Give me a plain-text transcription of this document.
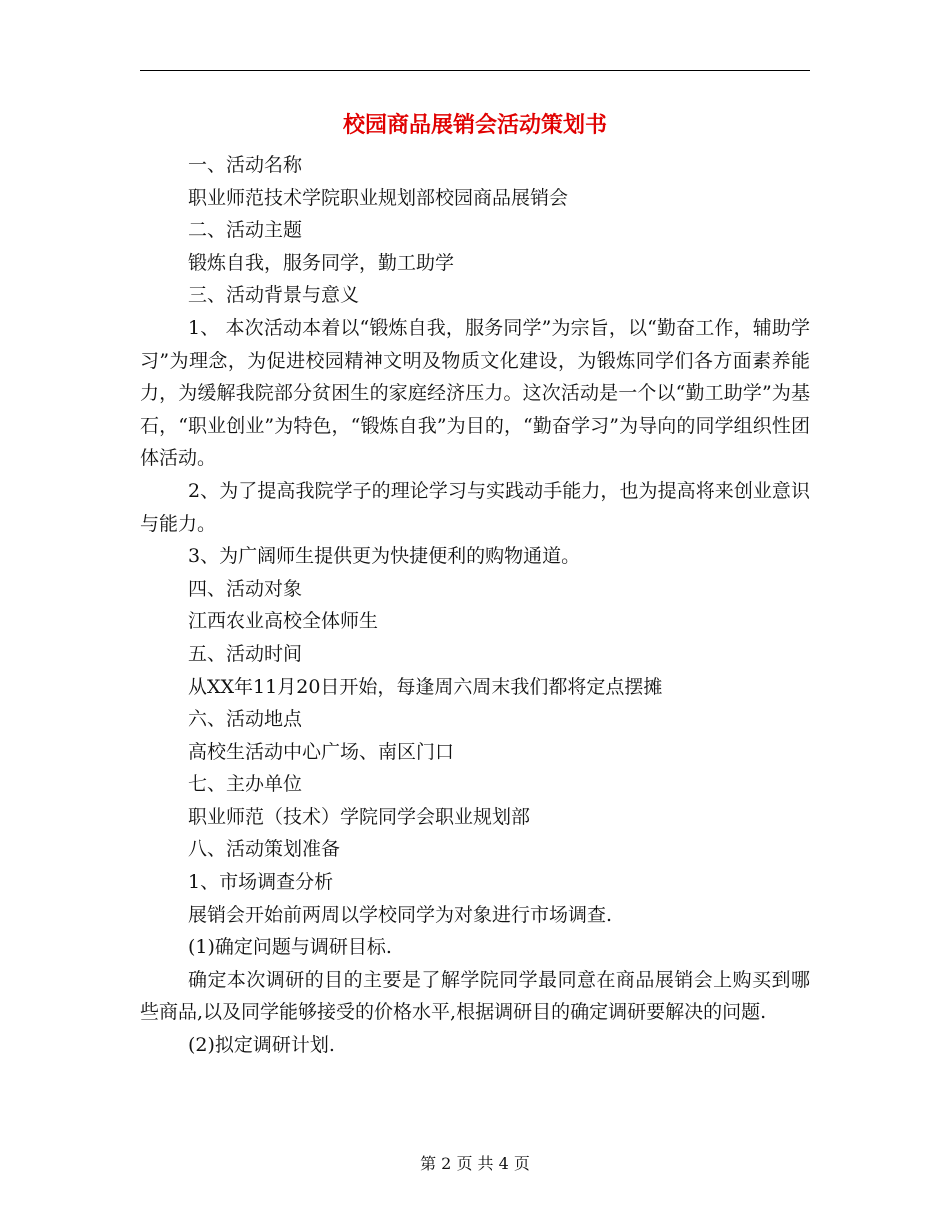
校园商品展销会活动策划书

一、活动名称

职业师范技术学院职业规划部校园商品展销会

二、活动主题

锻炼自我，服务同学，勤工助学

三、活动背景与意义

1、 本次活动本着以“锻炼自我，服务同学”为宗旨，以“勤奋工作，辅助学习”为理念，为促进校园精神文明及物质文化建设，为锻炼同学们各方面素养能力，为缓解我院部分贫困生的家庭经济压力。这次活动是一个以“勤工助学”为基石，“职业创业”为特色，“锻炼自我”为目的，“勤奋学习”为导向的同学组织性团体活动。

2、为了提高我院学子的理论学习与实践动手能力，也为提高将来创业意识与能力。

3、为广阔师生提供更为快捷便利的购物通道。

四、活动对象

江西农业高校全体师生

五、活动时间

从XX年11月20日开始，每逢周六周末我们都将定点摆摊

六、活动地点

高校生活动中心广场、南区门口

七、主办单位

职业师范（技术）学院同学会职业规划部

八、活动策划准备

1、市场调查分析

展销会开始前两周以学校同学为对象进行市场调查.

(1)确定问题与调研目标.

确定本次调研的目的主要是了解学院同学最同意在商品展销会上购买到哪些商品,以及同学能够接受的价格水平,根据调研目的确定调研要解决的问题.

(2)拟定调研计划.

第 2 页 共 4 页
